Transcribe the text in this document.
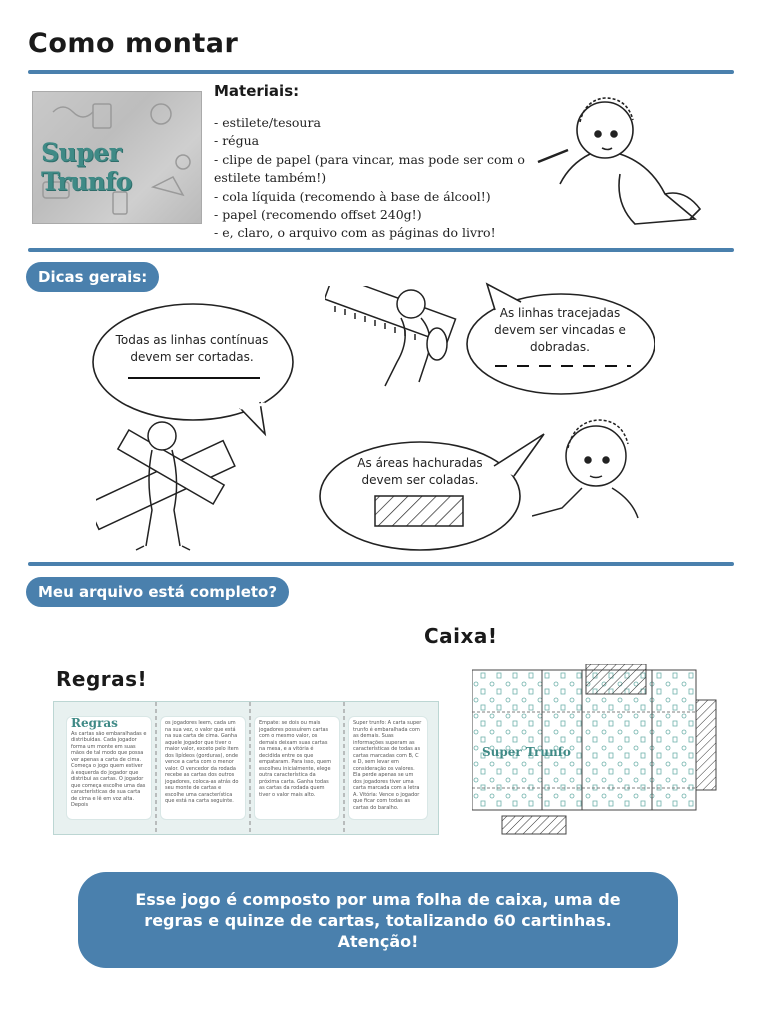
Como montar
Super Trunfo
Materiais:
- estilete/tesoura
- régua
- clipe de papel (para vincar, mas pode ser com o estilete também!)
- cola líquida (recomendo à base de álcool!)
- papel (recomendo offset 240g!)
- e, claro, o arquivo com as páginas do livro!
Dicas gerais:
Todas as linhas contínuas devem ser cortadas.
As linhas tracejadas devem ser vincadas e dobradas.
As áreas hachuradas devem ser coladas.
Meu arquivo está completo?
Caixa!
Regras!
Regras
As cartas são embaralhadas e distribuídas. Cada jogador forma um monte em suas mãos de tal modo que possa ver apenas a carta de cima. Começa o jogo quem estiver à esquerda do jogador que distribui as cartas. O jogador que começa escolhe uma das características de sua carta de cima e lê em voz alta. Depois
os jogadores leem, cada um na sua vez, o valor que está na sua carta de cima. Ganha aquele jogador que tiver o maior valor, exceto pelo item dos lipídeos (gorduras), onde vence a carta com o menor valor. O vencedor da rodada recebe as cartas dos outros jogadores, coloca-as atrás do seu monte de cartas e escolhe uma característica que está na carta seguinte.
Empate: se dois ou mais jogadores possuírem cartas com o mesmo valor, os demais deixam suas cartas na mesa, e a vitória é decidida entre os que empataram. Para isso, quem escolheu inicialmente, elege outra característica da próxima carta. Ganha todas as cartas da rodada quem tiver o valor mais alto.
Super trunfo: A carta super trunfo é embaralhada com as demais. Suas informações superam as características de todas as cartas marcadas com B, C e D, sem levar em consideração os valores. Ela perde apenas se um dos jogadores tiver uma carta marcada com a letra A. Vitória: Vence o jogador que ficar com todas as cartas do baralho.
Super Trunfo
Esse jogo é composto por uma folha de caixa, uma de regras e quinze de cartas, totalizando 60 cartinhas. Atenção!
